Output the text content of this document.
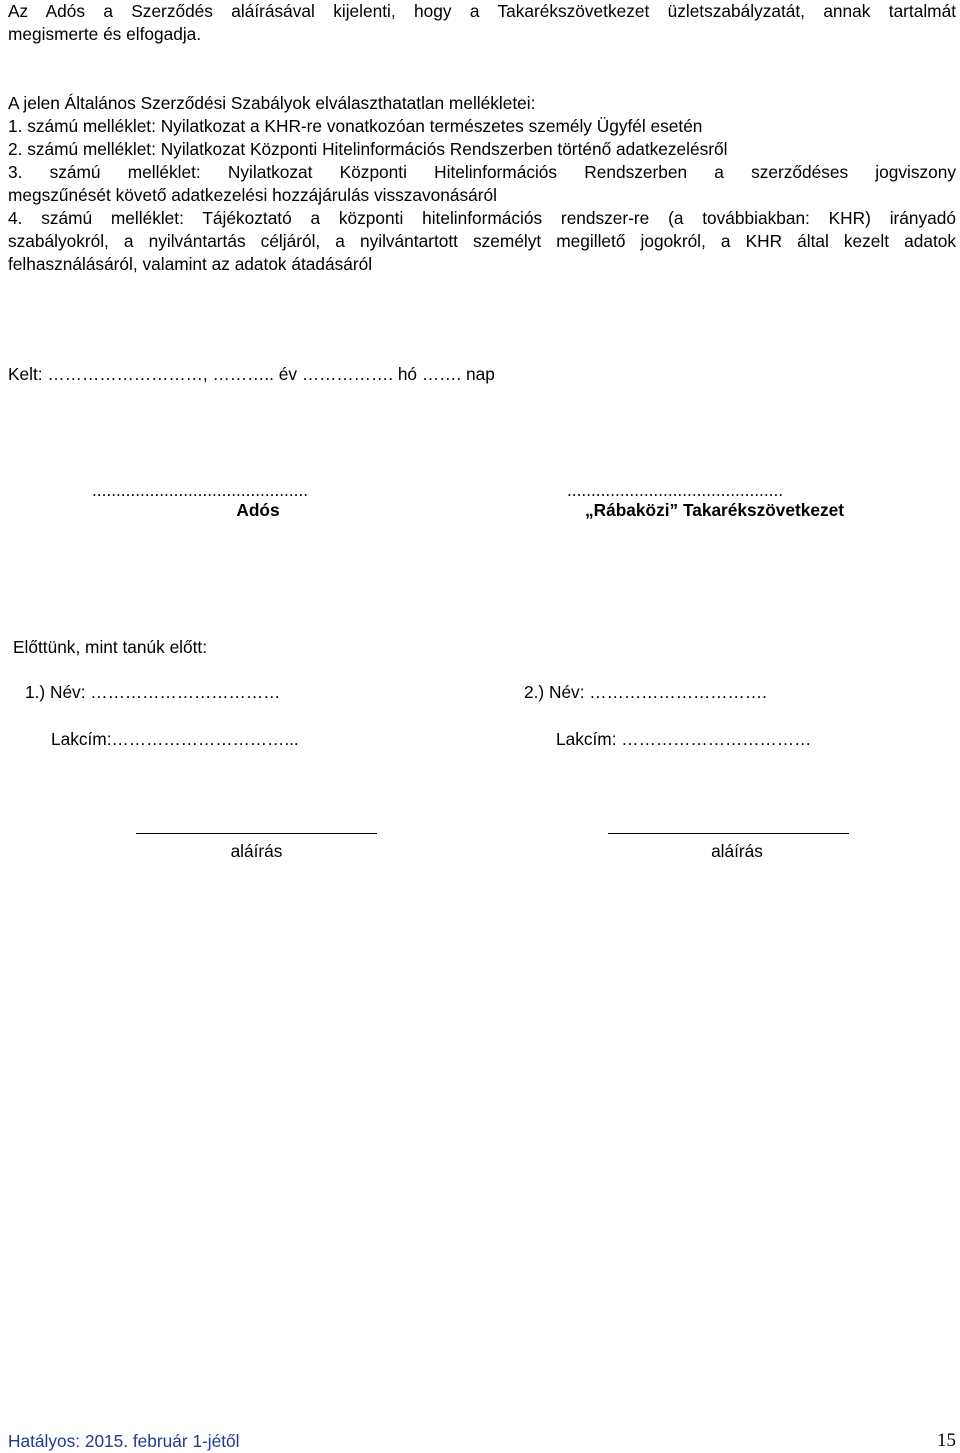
Az Adós a Szerződés aláírásával kijelenti, hogy a Takarékszövetkezet üzletszabályzatát, annak tartalmát
megismerte és elfogadja.
A jelen Általános Szerződési Szabályok elválaszthatatlan mellékletei:
1. számú melléklet: Nyilatkozat a KHR-re vonatkozóan természetes személy Ügyfél esetén
2. számú melléklet: Nyilatkozat Központi Hitelinformációs Rendszerben történő adatkezelésről
3. számú melléklet: Nyilatkozat Központi Hitelinformációs Rendszerben a szerződéses jogviszony
megszűnését követő adatkezelési hozzájárulás visszavonásáról
4. számú melléklet: Tájékoztató a központi hitelinformációs rendszer-re (a továbbiakban: KHR) irányadó
szabályokról, a nyilvántartás céljáról, a nyilvántartott személyt megillető jogokról, a KHR által kezelt adatok
felhasználásáról, valamint az adatok átadásáról
Kelt: ………………………, ……….. év ……………. hó ……. nap
.............................................
Adós
.............................................
„Rábaközi” Takarékszövetkezet
Előttünk, mint tanúk előtt:
1.) Név: ……………………………
Lakcím:…………………………...
2.) Név: ………………………….
Lakcím: ……………………………
aláírás	aláírás
Hatályos: 2015. február 1-jétől	15
